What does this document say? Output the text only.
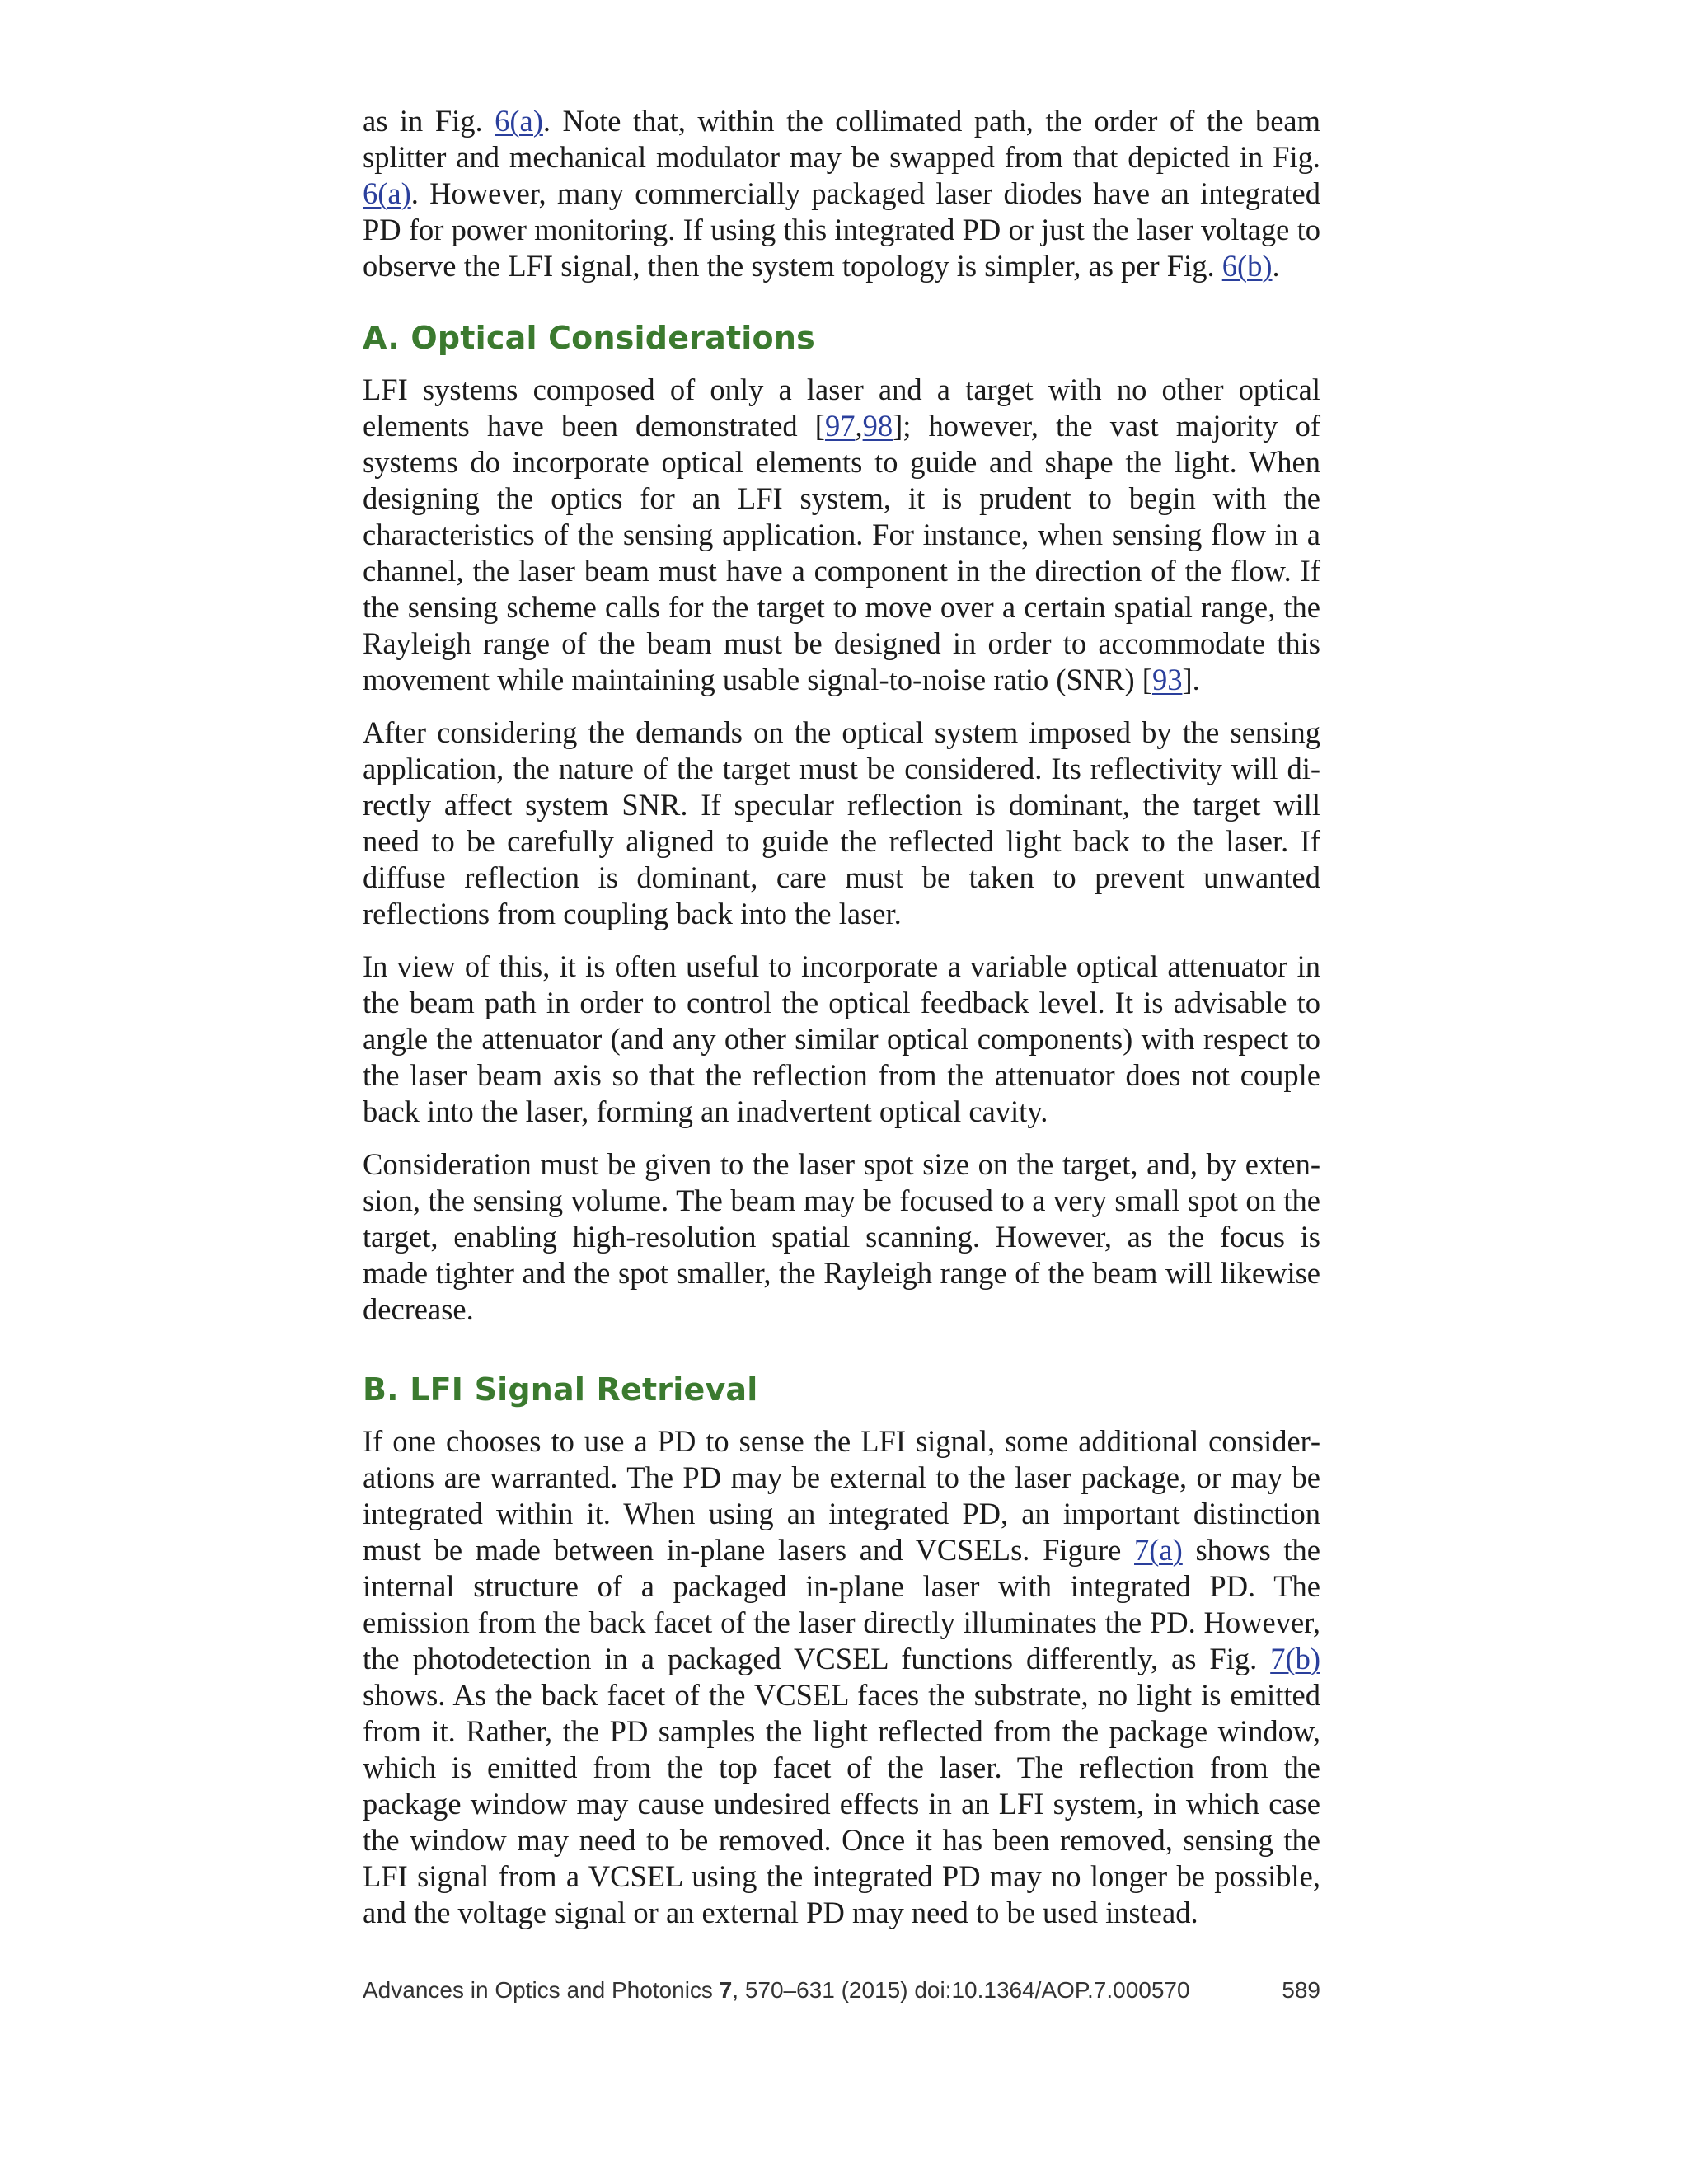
as in Fig. 6(a). Note that, within the collimated path, the order of the beam splitter and mechanical modulator may be swapped from that depicted in Fig. 6(a). However, many commercially packaged laser diodes have an integrated PD for power monitoring. If using this integrated PD or just the laser voltage to observe the LFI signal, then the system topology is simpler, as per Fig. 6(b).

A. Optical Considerations

LFI systems composed of only a laser and a target with no other optical elements have been demonstrated [97,98]; however, the vast majority of systems do incorporate optical elements to guide and shape the light. When designing the optics for an LFI system, it is prudent to begin with the characteristics of the sensing application. For instance, when sensing flow in a channel, the laser beam must have a component in the direction of the flow. If the sensing scheme calls for the target to move over a certain spatial range, the Rayleigh range of the beam must be designed in order to accommodate this movement while maintaining usable signal-to-noise ratio (SNR) [93].

After considering the demands on the optical system imposed by the sensing application, the nature of the target must be considered. Its reflectivity will directly affect system SNR. If specular reflection is dominant, the target will need to be carefully aligned to guide the reflected light back to the laser. If diffuse reflection is dominant, care must be taken to prevent unwanted reflections from coupling back into the laser.

In view of this, it is often useful to incorporate a variable optical attenuator in the beam path in order to control the optical feedback level. It is advisable to angle the attenuator (and any other similar optical components) with respect to the laser beam axis so that the reflection from the attenuator does not couple back into the laser, forming an inadvertent optical cavity.

Consideration must be given to the laser spot size on the target, and, by extension, the sensing volume. The beam may be focused to a very small spot on the target, enabling high-resolution spatial scanning. However, as the focus is made tighter and the spot smaller, the Rayleigh range of the beam will likewise decrease.

B. LFI Signal Retrieval

If one chooses to use a PD to sense the LFI signal, some additional considerations are warranted. The PD may be external to the laser package, or may be integrated within it. When using an integrated PD, an important distinction must be made between in-plane lasers and VCSELs. Figure 7(a) shows the internal structure of a packaged in-plane laser with integrated PD. The emission from the back facet of the laser directly illuminates the PD. However, the photodetection in a packaged VCSEL functions differently, as Fig. 7(b) shows. As the back facet of the VCSEL faces the substrate, no light is emitted from it. Rather, the PD samples the light reflected from the package window, which is emitted from the top facet of the laser. The reflection from the package window may cause undesired effects in an LFI system, in which case the window may need to be removed. Once it has been removed, sensing the LFI signal from a VCSEL using the integrated PD may no longer be possible, and the voltage signal or an external PD may need to be used instead.

Advances in Optics and Photonics 7, 570–631 (2015) doi:10.1364/AOP.7.000570	589
